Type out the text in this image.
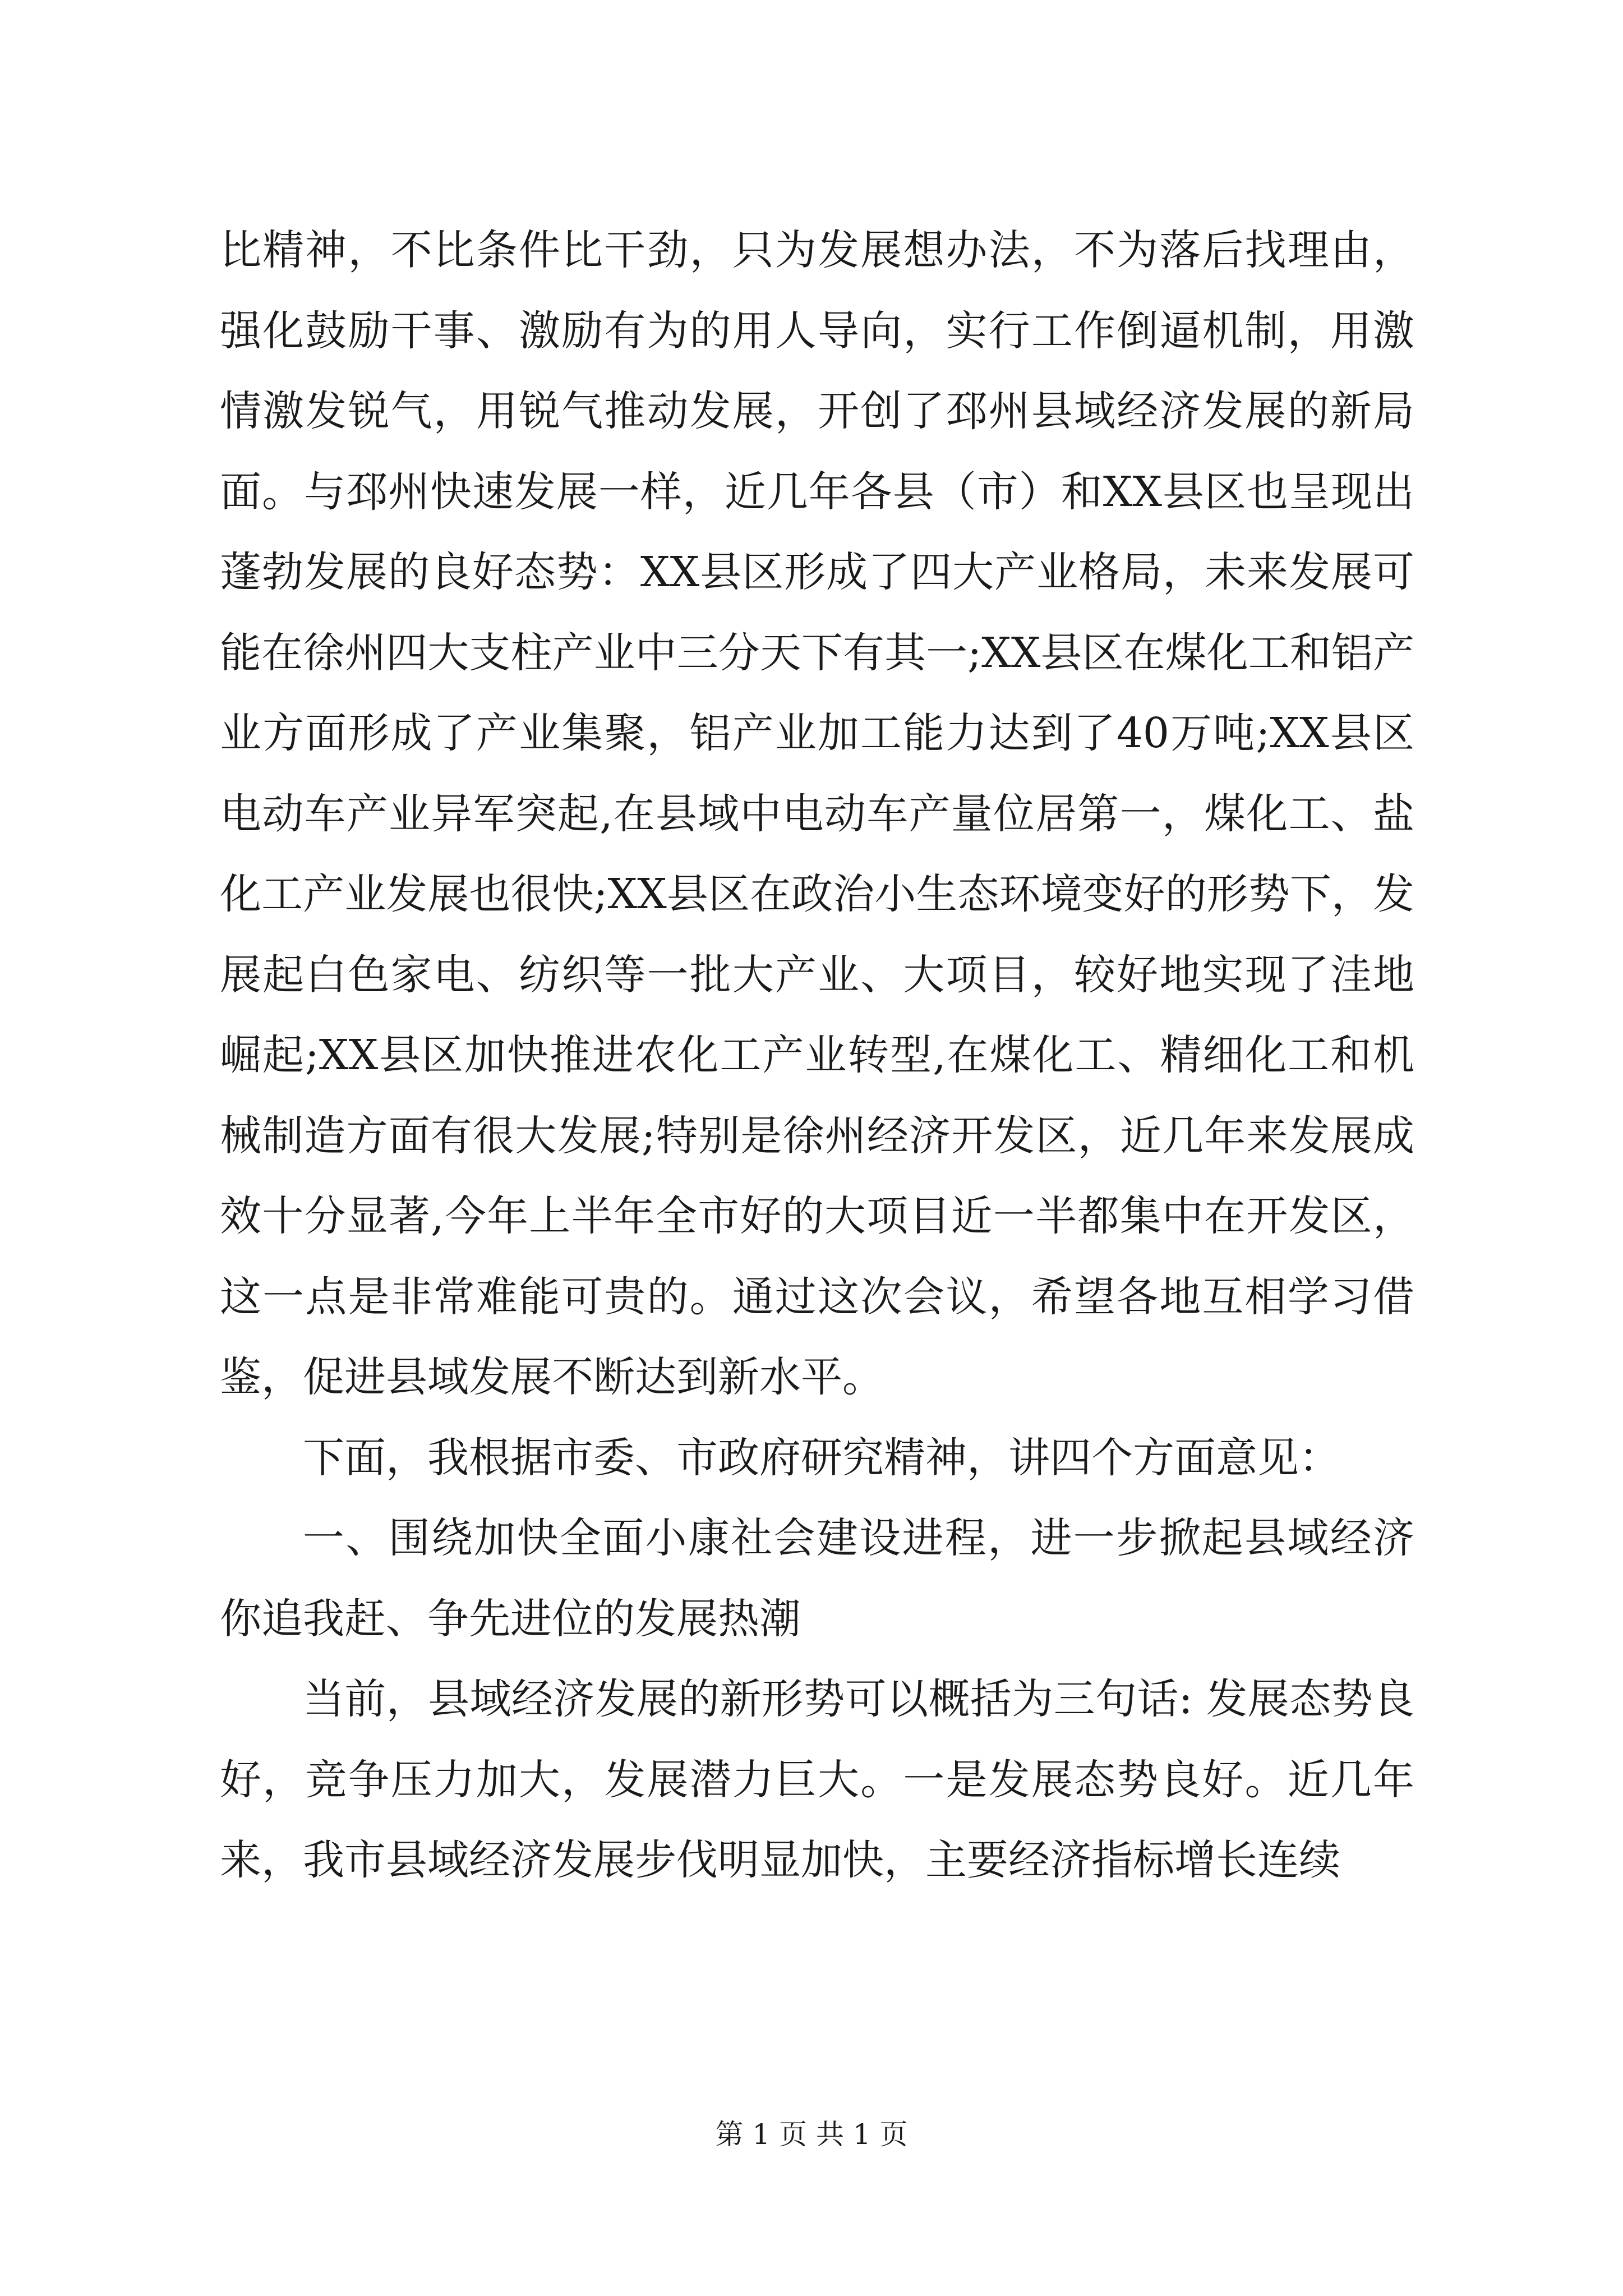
比精神，不比条件比干劲，只为发展想办法，不为落后找理由，强化鼓励干事、激励有为的用人导向，实行工作倒逼机制，用激情激发锐气，用锐气推动发展，开创了邳州县域经济发展的新局面。与邳州快速发展一样，近几年各县（市）和XX县区也呈现出蓬勃发展的良好态势：XX县区形成了四大产业格局，未来发展可能在徐州四大支柱产业中三分天下有其一;XX县区在煤化工和铝产业方面形成了产业集聚，铝产业加工能力达到了40万吨;XX县区电动车产业异军突起,在县域中电动车产量位居第一，煤化工、盐化工产业发展也很快;XX县区在政治小生态环境变好的形势下，发展起白色家电、纺织等一批大产业、大项目，较好地实现了洼地崛起;XX县区加快推进农化工产业转型,在煤化工、精细化工和机械制造方面有很大发展;特别是徐州经济开发区，近几年来发展成效十分显著,今年上半年全市好的大项目近一半都集中在开发区，这一点是非常难能可贵的。通过这次会议，希望各地互相学习借鉴，促进县域发展不断达到新水平。

下面，我根据市委、市政府研究精神，讲四个方面意见：

一、围绕加快全面小康社会建设进程，进一步掀起县域经济你追我赶、争先进位的发展热潮

当前，县域经济发展的新形势可以概括为三句话: 发展态势良好，竞争压力加大，发展潜力巨大。一是发展态势良好。近几年来，我市县域经济发展步伐明显加快，主要经济指标增长连续

第 1 页 共 1 页
